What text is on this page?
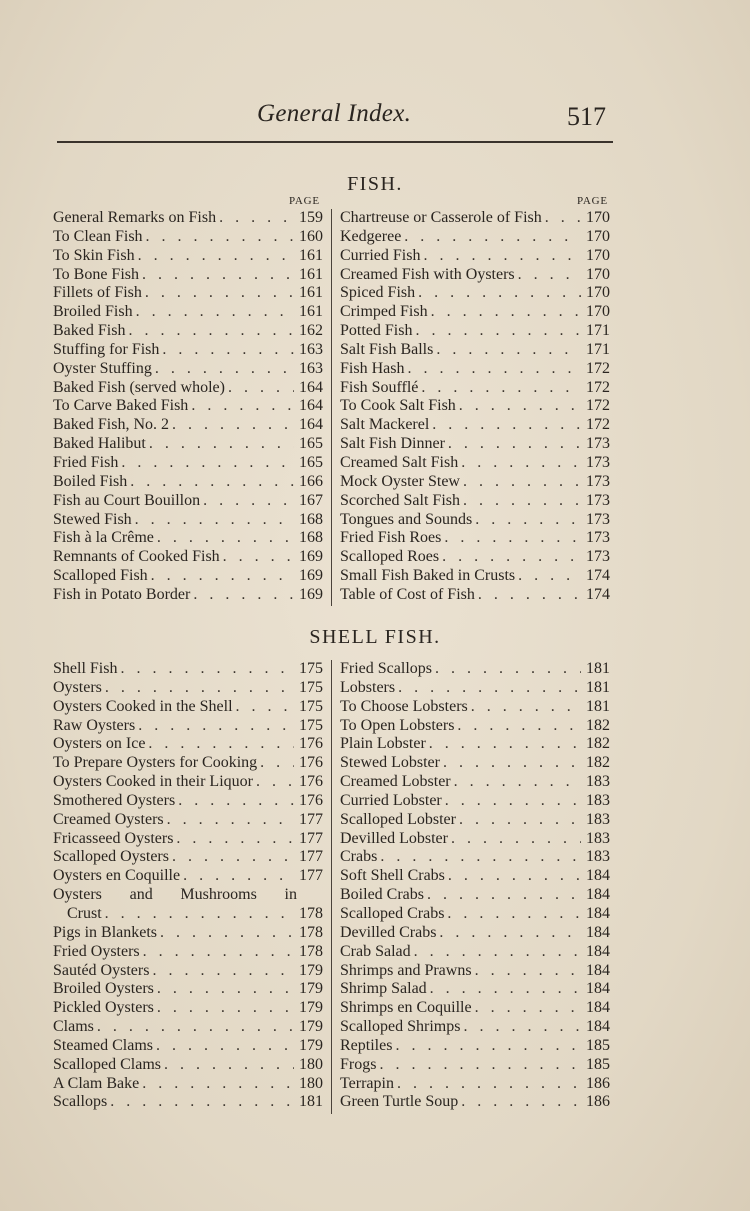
General Index.	517
FISH.
PAGE	PAGE
General Remarks on Fish . . .	159
To Clean Fish . . .	160
To Skin Fish . . .	161
To Bone Fish . . .	161
Fillets of Fish . . .	161
Broiled Fish . . .	161
Baked Fish . . .	162
Stuffing for Fish . . .	163
Oyster Stuffing . . .	163
Baked Fish (served whole) . . .	164
To Carve Baked Fish . . .	164
Baked Fish, No. 2 . . .	164
Baked Halibut . . .	165
Fried Fish . . .	165
Boiled Fish . . .	166
Fish au Court Bouillon . . .	167
Stewed Fish . . .	168
Fish à la Crême . . .	168
Remnants of Cooked Fish . . .	169
Scalloped Fish . . .	169
Fish in Potato Border . . .	169
Chartreuse or Casserole of Fish . . .	170
Kedgeree . . .	170
Curried Fish . . .	170
Creamed Fish with Oysters . . .	170
Spiced Fish . . .	170
Crimped Fish . . .	170
Potted Fish . . .	171
Salt Fish Balls . . .	171
Fish Hash . . .	172
Fish Soufflé . . .	172
To Cook Salt Fish . . .	172
Salt Mackerel . . .	172
Salt Fish Dinner . . .	173
Creamed Salt Fish . . .	173
Mock Oyster Stew . . .	173
Scorched Salt Fish . . .	173
Tongues and Sounds . . .	173
Fried Fish Roes . . .	173
Scalloped Roes . . .	173
Small Fish Baked in Crusts . . .	174
Table of Cost of Fish . . .	174
SHELL FISH.
Shell Fish . . .	175
Oysters . . .	175
Oysters Cooked in the Shell . . .	175
Raw Oysters . . .	175
Oysters on Ice . . .	176
To Prepare Oysters for Cooking . . .	176
Oysters Cooked in their Liquor . . .	176
Smothered Oysters . . .	176
Creamed Oysters . . .	177
Fricasseed Oysters . . .	177
Scalloped Oysters . . .	177
Oysters en Coquille . . .	177
Oysters and Mushrooms in
Crust . . .	178
Pigs in Blankets . . .	178
Fried Oysters . . .	178
Sautéd Oysters . . .	179
Broiled Oysters . . .	179
Pickled Oysters . . .	179
Clams . . .	179
Steamed Clams . . .	179
Scalloped Clams . . .	180
A Clam Bake . . .	180
Scallops . . .	181
Fried Scallops . . .	181
Lobsters . . .	181
To Choose Lobsters . . .	181
To Open Lobsters . . .	182
Plain Lobster . . .	182
Stewed Lobster . . .	182
Creamed Lobster . . .	183
Curried Lobster . . .	183
Scalloped Lobster . . .	183
Devilled Lobster . . .	183
Crabs . . .	183
Soft Shell Crabs . . .	184
Boiled Crabs . . .	184
Scalloped Crabs . . .	184
Devilled Crabs . . .	184
Crab Salad . . .	184
Shrimps and Prawns . . .	184
Shrimp Salad . . .	184
Shrimps en Coquille . . .	184
Scalloped Shrimps . . .	184
Reptiles . . .	185
Frogs . . .	185
Terrapin . . .	186
Green Turtle Soup . . .	186
